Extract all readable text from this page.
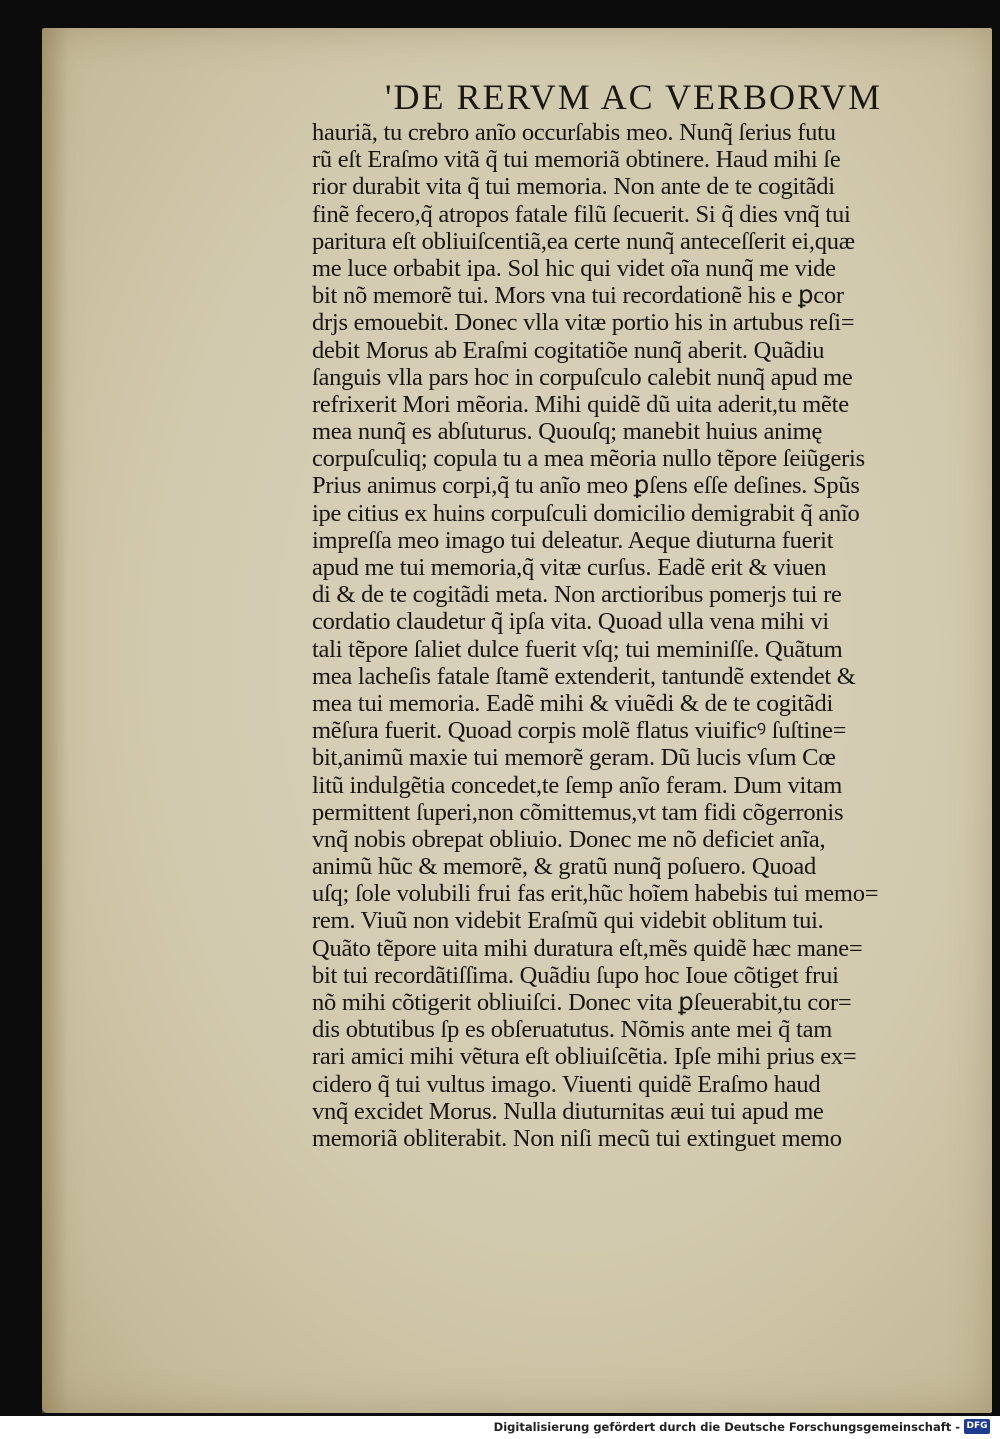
'DE RERVM AC VERBORVM
hauriã, tu crebro anĩo occurſabis meo. Nunq̃ ſerius futu
rũ eſt Eraſmo vitã q̃ tui memoriã obtinere. Haud mihi ſe
rior durabit vita q̃ tui memoria. Non ante de te cogitãdi
finẽ fecero,q̃ atropos fatale filũ ſecuerit. Si q̃ dies vnq̃ tui
paritura eſt obliuiſcentiã,ea certe nunq̃ anteceſſerit ei,quæ
me luce orbabit ipa. Sol hic qui videt oĩa nunq̃ me vide
bit nõ memorẽ tui. Mors vna tui recordationẽ his e ꝑcor
drjs emouebit. Donec vlla vitæ portio his in artubus reſi=
debit Morus ab Eraſmi cogitatiõe nunq̃ aberit. Quãdiu
ſanguis vlla pars hoc in corpuſculo calebit nunq̃ apud me
refrixerit Mori mẽoria. Mihi quidẽ dũ uita aderit,tu mẽte
mea nunq̃ es abſuturus. Quouſq; manebit huius animę
corpuſculiq; copula tu a mea mẽoria nullo tẽpore ſeiũgeris
Prius animus corpi,q̃ tu anĩo meo ꝑſens eſſe deſines. Spũs
ipe citius ex huins corpuſculi domicilio demigrabit q̃ anĩo
impreſſa meo imago tui deleatur. Aeque diuturna fuerit
apud me tui memoria,q̃ vitæ curſus. Eadẽ erit & viuen
di & de te cogitãdi meta. Non arctioribus pomerjs tui re
cordatio claudetur q̃ ipſa vita. Quoad ulla vena mihi vi
tali tẽpore ſaliet dulce fuerit vſq; tui meminiſſe. Quãtum
mea lacheſis fatale ſtamẽ extenderit, tantundẽ extendet &
mea tui memoria. Eadẽ mihi & viuẽdi & de te cogitãdi
mẽſura fuerit. Quoad corpis molẽ flatus viuificꝰ ſuſtine=
bit,animũ maxie tui memorẽ geram. Dũ lucis vſum Cœ
litũ indulgẽtia concedet,te ſemp anĩo feram. Dum vitam
permittent ſuperi,non cõmittemus,vt tam fidi cõgerronis
vnq̃ nobis obrepat obliuio. Donec me nõ deficiet anĩa,
animũ hũc & memorẽ, & gratũ nunq̃ poſuero. Quoad
uſq; ſole volubili frui fas erit,hũc hoĩem habebis tui memo=
rem. Viuũ non videbit Eraſmũ qui videbit oblitum tui.
Quãto tẽpore uita mihi duratura eſt,mẽs quidẽ hæc mane=
bit tui recordãtiſſima. Quãdiu ſupo hoc Ioue cõtiget frui
nõ mihi cõtigerit obliuiſci. Donec vita ꝑſeuerabit,tu cor=
dis obtutibus ſp es obſeruatutus. Nõmis ante mei q̃ tam
rari amici mihi vẽtura eſt obliuiſcẽtia. Ipſe mihi prius ex=
cidero q̃ tui vultus imago. Viuenti quidẽ Eraſmo haud
vnq̃ excidet Morus. Nulla diuturnitas æui tui apud me
memoriã obliterabit. Non niſi mecũ tui extinguet memo
Digitalisierung gefördert durch die Deutsche Forschungsgemeinschaft - DFG
